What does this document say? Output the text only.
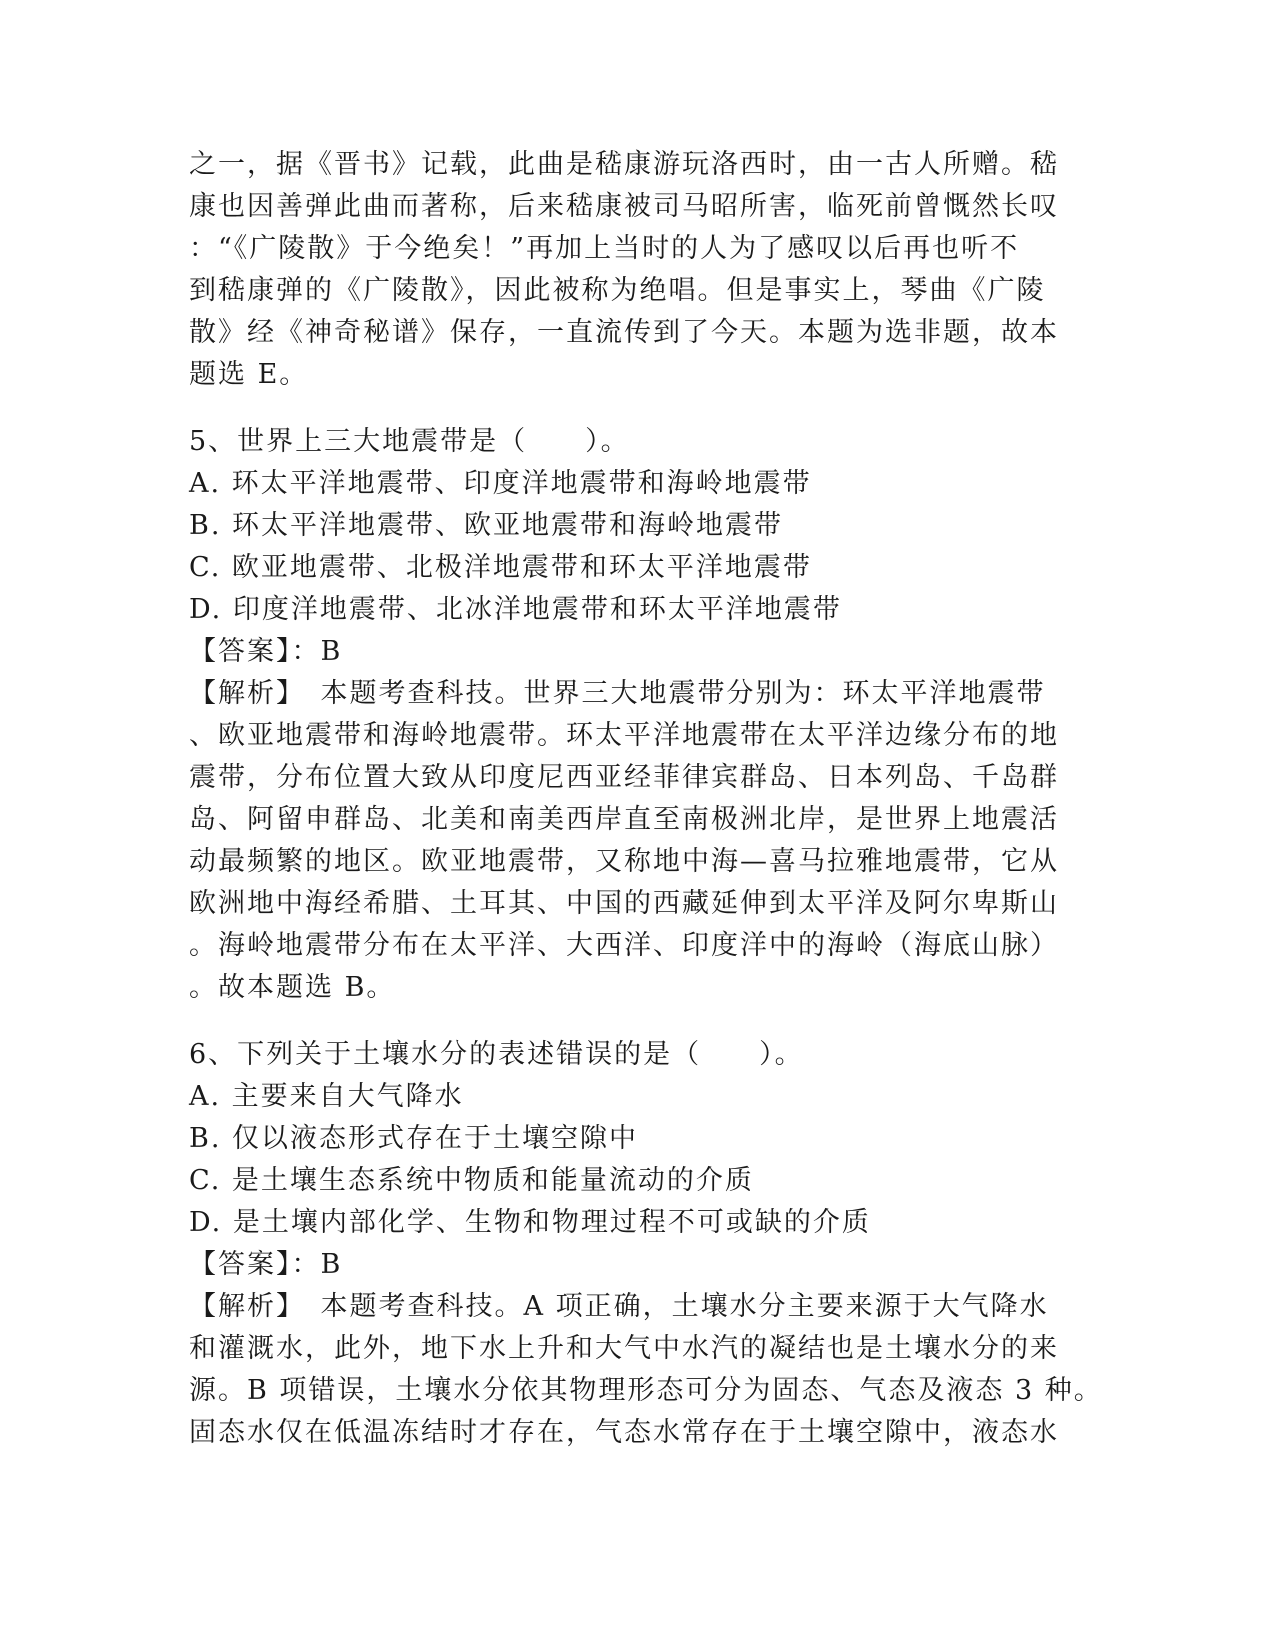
之一，据《晋书》记载，此曲是嵇康游玩洛西时，由一古人所赠。嵇

康也因善弹此曲而著称，后来嵇康被司马昭所害，临死前曾慨然长叹

：“《广陵散》于今绝矣！”再加上当时的人为了感叹以后再也听不

到嵇康弹的《广陵散》，因此被称为绝唱。但是事实上，琴曲《广陵

散》经《神奇秘谱》保存，一直流传到了今天。本题为选非题，故本

题选 E。

5、世界上三大地震带是（　　）。

A. 环太平洋地震带、印度洋地震带和海岭地震带

B. 环太平洋地震带、欧亚地震带和海岭地震带

C. 欧亚地震带、北极洋地震带和环太平洋地震带

D. 印度洋地震带、北冰洋地震带和环太平洋地震带

【答案】：B

【解析】　本题考查科技。世界三大地震带分别为：环太平洋地震带

、欧亚地震带和海岭地震带。环太平洋地震带在太平洋边缘分布的地

震带，分布位置大致从印度尼西亚经菲律宾群岛、日本列岛、千岛群

岛、阿留申群岛、北美和南美西岸直至南极洲北岸，是世界上地震活

动最频繁的地区。欧亚地震带，又称地中海—喜马拉雅地震带，它从

欧洲地中海经希腊、土耳其、中国的西藏延伸到太平洋及阿尔卑斯山

。海岭地震带分布在太平洋、大西洋、印度洋中的海岭（海底山脉）

。故本题选 B。

6、下列关于土壤水分的表述错误的是（　　）。

A. 主要来自大气降水

B. 仅以液态形式存在于土壤空隙中

C. 是土壤生态系统中物质和能量流动的介质

D. 是土壤内部化学、生物和物理过程不可或缺的介质

【答案】：B

【解析】　本题考查科技。A 项正确，土壤水分主要来源于大气降水

和灌溉水，此外，地下水上升和大气中水汽的凝结也是土壤水分的来

源。B 项错误，土壤水分依其物理形态可分为固态、气态及液态 3 种。

固态水仅在低温冻结时才存在，气态水常存在于土壤空隙中，液态水
